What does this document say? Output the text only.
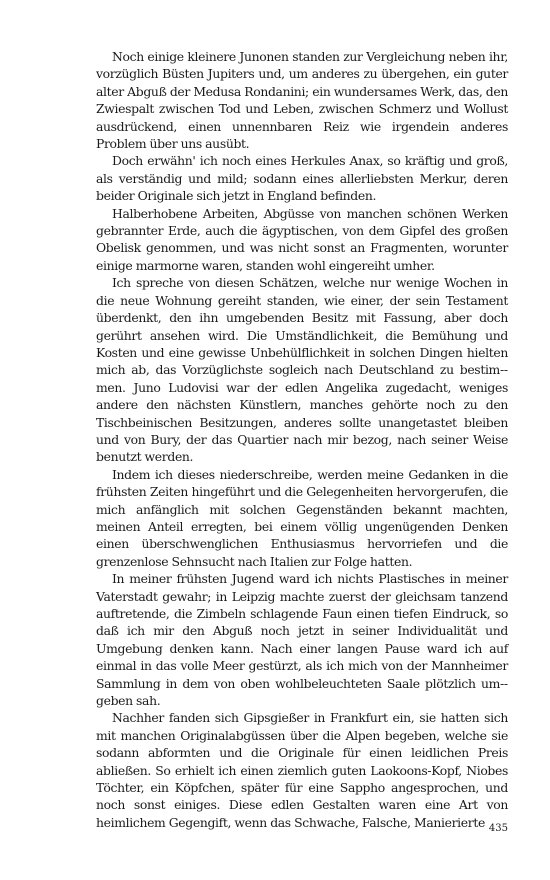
Noch einige kleinere Junonen standen zur Vergleichung neben ihr, vorzüglich Büsten Jupiters und, um anderes zu übergehen, ein guter alter Abguß der Medusa Rondanini; ein wundersames Werk, das, den Zwiespalt zwischen Tod und Leben, zwischen Schmerz und Wollust ausdrückend, einen unnennbaren Reiz wie irgendein anderes Problem über uns ausübt.

Doch erwähn' ich noch eines Herkules Anax, so kräftig und groß, als verständig und mild; sodann eines allerliebsten Merkur, deren beider Originale sich jetzt in England befinden.

Halberhobene Arbeiten, Abgüsse von manchen schönen Werken gebrannter Erde, auch die ägyptischen, von dem Gipfel des großen Obelisk genommen, und was nicht sonst an Fragmenten, worunter einige marmorne waren, standen wohl eingereiht umher.

Ich spreche von diesen Schätzen, welche nur wenige Wochen in die neue Wohnung gereiht standen, wie einer, der sein Testament überdenkt, den ihn umgebenden Besitz mit Fassung, aber doch gerührt ansehen wird. Die Umständlichkeit, die Bemühung und Kosten und eine gewisse Unbehülflichkeit in solchen Dingen hielten mich ab, das Vorzüglichste sogleich nach Deutschland zu bestim-men. Juno Ludovisi war der edlen Angelika zugedacht, weniges andere den nächsten Künstlern, manches gehörte noch zu den Tischbeinischen Besitzungen, anderes sollte unangetastet bleiben und von Bury, der das Quartier nach mir bezog, nach seiner Weise benutzt werden.

Indem ich dieses niederschreibe, werden meine Gedanken in die frühsten Zeiten hingeführt und die Gelegenheiten hervorgerufen, die mich anfänglich mit solchen Gegenständen bekannt machten, meinen Anteil erregten, bei einem völlig ungenügenden Denken einen überschwenglichen Enthusiasmus hervorriefen und die grenzenlose Sehnsucht nach Italien zur Folge hatten.

In meiner frühsten Jugend ward ich nichts Plastisches in meiner Vaterstadt gewahr; in Leipzig machte zuerst der gleichsam tanzend auftretende, die Zimbeln schlagende Faun einen tiefen Eindruck, so daß ich mir den Abguß noch jetzt in seiner Individualität und Umgebung denken kann. Nach einer langen Pause ward ich auf einmal in das volle Meer gestürzt, als ich mich von der Mannheimer Sammlung in dem von oben wohlbeleuchteten Saale plötzlich um-geben sah.

Nachher fanden sich Gipsgießer in Frankfurt ein, sie hatten sich mit manchen Originalabgüssen über die Alpen begeben, welche sie sodann abformten und die Originale für einen leidlichen Preis abließen. So erhielt ich einen ziemlich guten Laokoons-Kopf, Niobes Töchter, ein Köpfchen, später für eine Sappho angesprochen, und noch sonst einiges. Diese edlen Gestalten waren eine Art von heimlichem Gegengift, wenn das Schwache, Falsche, Manierierte 435
